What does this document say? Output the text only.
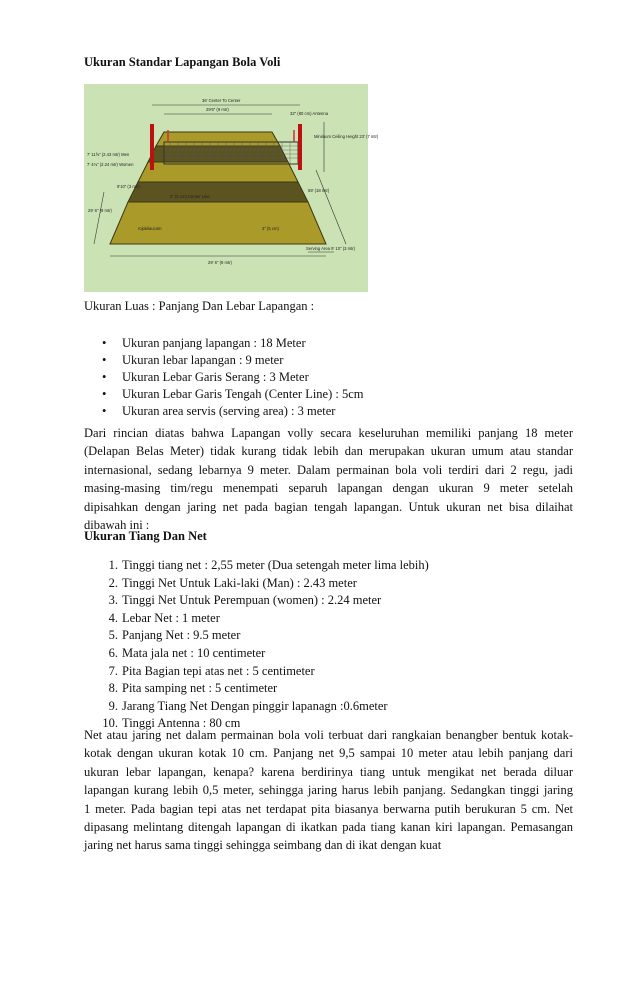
Ukuran Standar Lapangan Bola Voli
36' Center To Center
29'6" (9 mtr)
32" (80 cm) Antenna
Minimum Ceiling Height 23' (7 mtr)
7' 11⅝" (2.43 mtr) Men
7' 4⅛" (2.24 mtr) Women
9'10" (3 mtr)
2" (5 cm) Center Line
59' (18 mtr)
29' 6" (9 mtr)
rojokilaucom	2" (5 cm)
Serving Area 9' 10" (3 mtr)
29' 6" (9 mtr)
Ukuran Luas : Panjang Dan Lebar Lapangan :
• Ukuran panjang lapangan : 18 Meter
• Ukuran lebar lapangan : 9 meter
• Ukuran Lebar Garis Serang : 3 Meter
• Ukuran Lebar Garis Tengah (Center Line) : 5cm
• Ukuran area servis (serving area) : 3 meter
Dari rincian diatas bahwa Lapangan volly secara keseluruhan memiliki panjang 18 meter
(Delapan Belas Meter) tidak kurang tidak lebih dan merupakan ukuran umum atau standar
internasional, sedang lebarnya 9 meter. Dalam permainan bola voli terdiri dari 2 regu, jadi
masing-masing tim/regu menempati separuh lapangan dengan ukuran 9 meter setelah
dipisahkan dengan jaring net pada bagian tengah lapangan. Untuk ukuran net bisa dilaihat
dibawah ini :
Ukuran Tiang Dan Net
1. Tinggi tiang net : 2,55 meter (Dua setengah meter lima lebih)
2. Tinggi Net Untuk Laki-laki (Man) : 2.43 meter
3. Tinggi Net Untuk Perempuan (women) : 2.24 meter
4. Lebar Net : 1 meter
5. Panjang Net : 9.5 meter
6. Mata jala net : 10 centimeter
7. Pita Bagian tepi atas net : 5 centimeter
8. Pita samping net : 5 centimeter
9. Jarang Tiang Net Dengan pinggir lapanagn :0.6meter
10. Tinggi Antenna : 80 cm
Net atau jaring net dalam permainan bola voli terbuat dari rangkaian benangber bentuk kotak-
kotak dengan ukuran kotak 10 cm. Panjang net 9,5 sampai 10 meter atau lebih panjang dari
ukuran lebar lapangan, kenapa? karena berdirinya tiang untuk mengikat net berada diluar
lapangan kurang lebih 0,5 meter, sehingga jaring harus lebih panjang. Sedangkan tinggi jaring
1 meter. Pada bagian tepi atas net terdapat pita biasanya berwarna putih berukuran 5 cm. Net
dipasang melintang ditengah lapangan di ikatkan pada tiang kanan kiri lapangan. Pemasangan
jaring net harus sama tinggi sehingga seimbang dan di ikat dengan kuat
